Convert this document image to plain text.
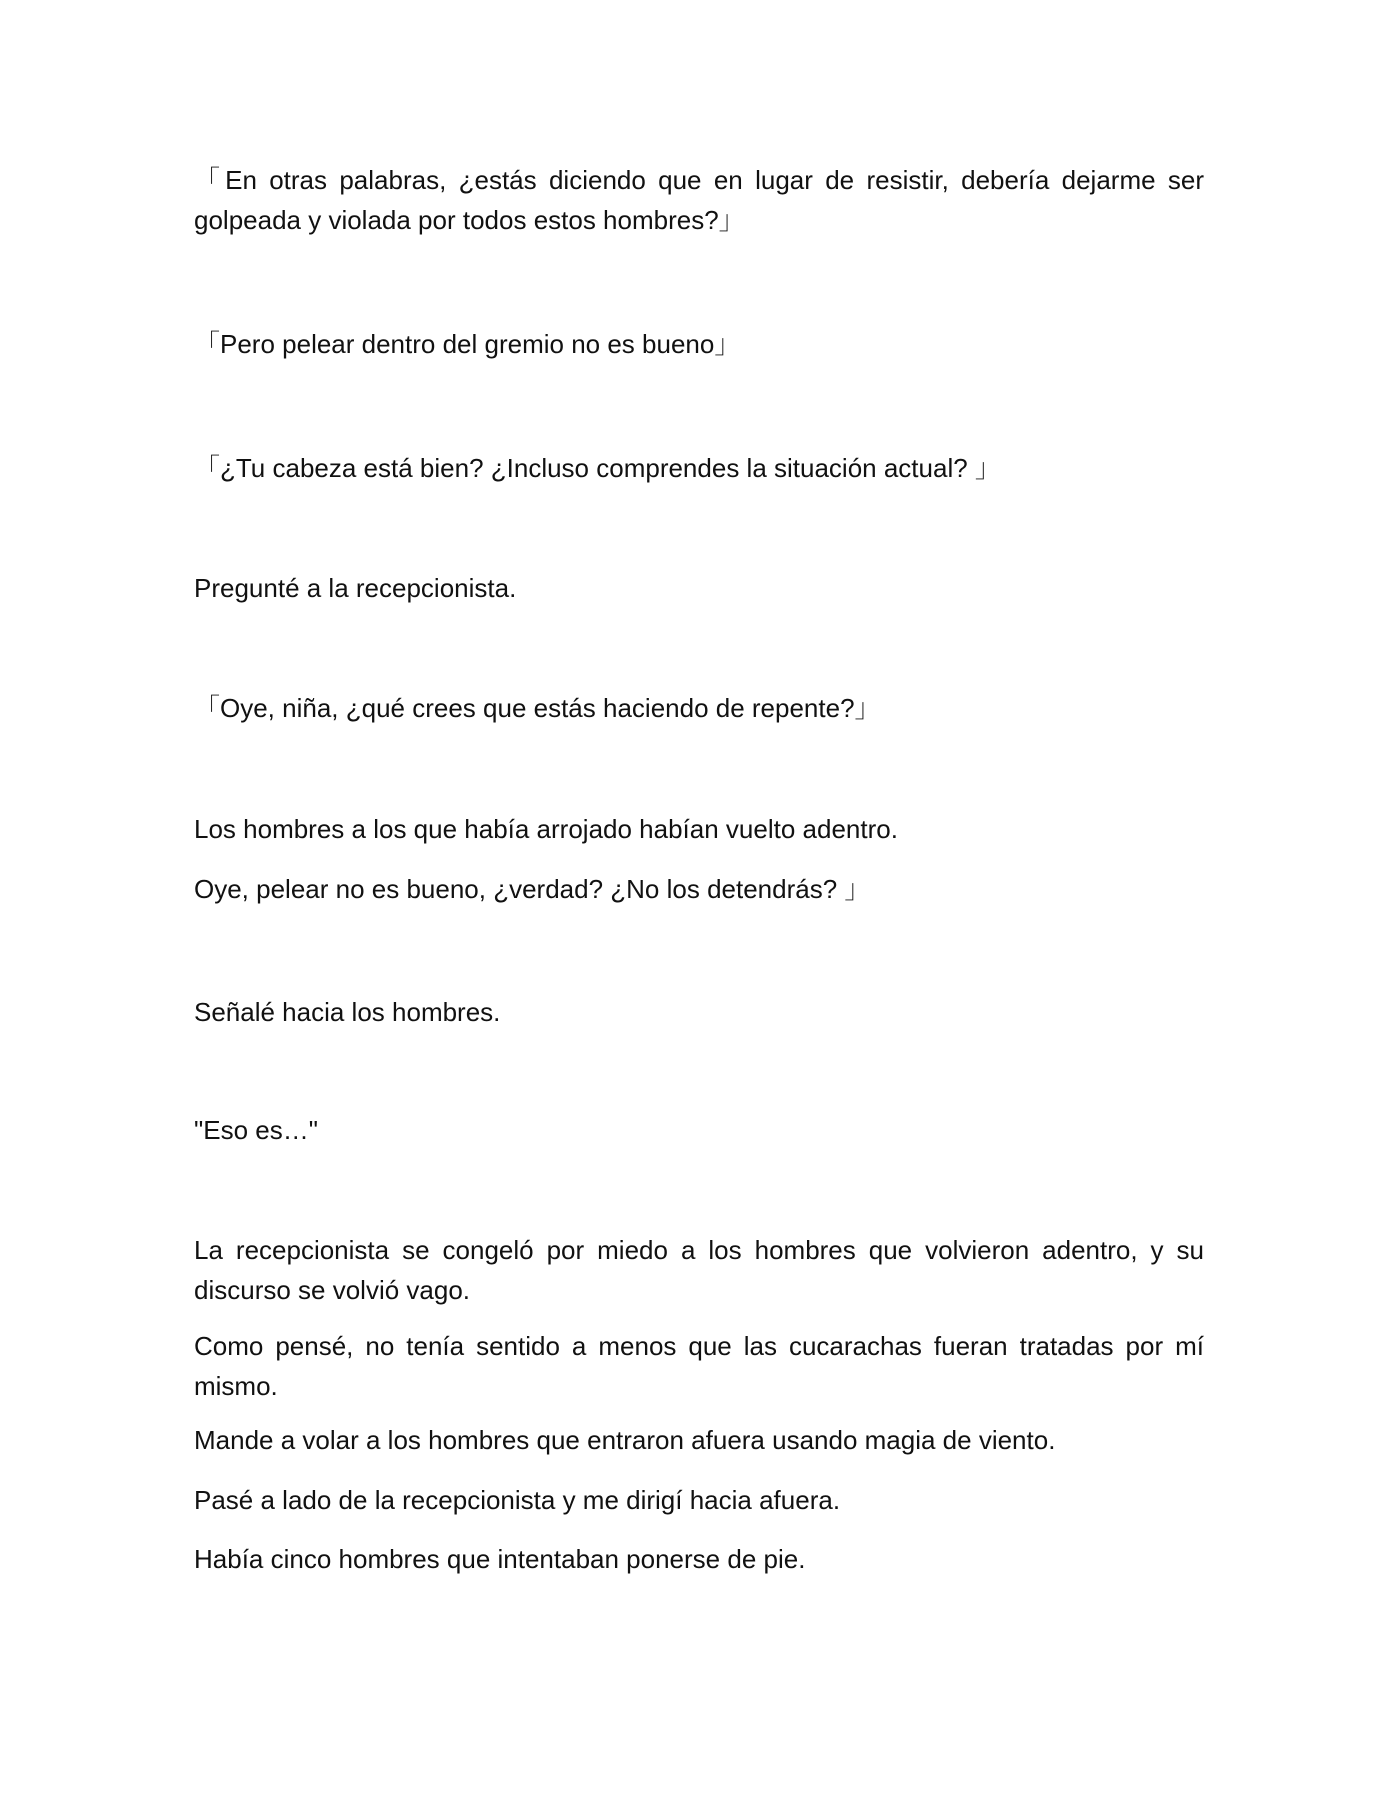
「En otras palabras, ¿estás diciendo que en lugar de resistir, debería dejarme ser golpeada y violada por todos estos hombres?」

「Pero pelear dentro del gremio no es bueno」

「¿Tu cabeza está bien? ¿Incluso comprendes la situación actual? 」

Pregunté a la recepcionista.

「Oye, niña, ¿qué crees que estás haciendo de repente?」

Los hombres a los que había arrojado habían vuelto adentro.

Oye, pelear no es bueno, ¿verdad? ¿No los detendrás? 」

Señalé hacia los hombres.

"Eso es…"

La recepcionista se congeló por miedo a los hombres que volvieron adentro, y su discurso se volvió vago.

Como pensé, no tenía sentido a menos que las cucarachas fueran tratadas por mí mismo.

Mande a volar a los hombres que entraron afuera usando magia de viento.

Pasé a lado de la recepcionista y me dirigí hacia afuera.

Había cinco hombres que intentaban ponerse de pie.
